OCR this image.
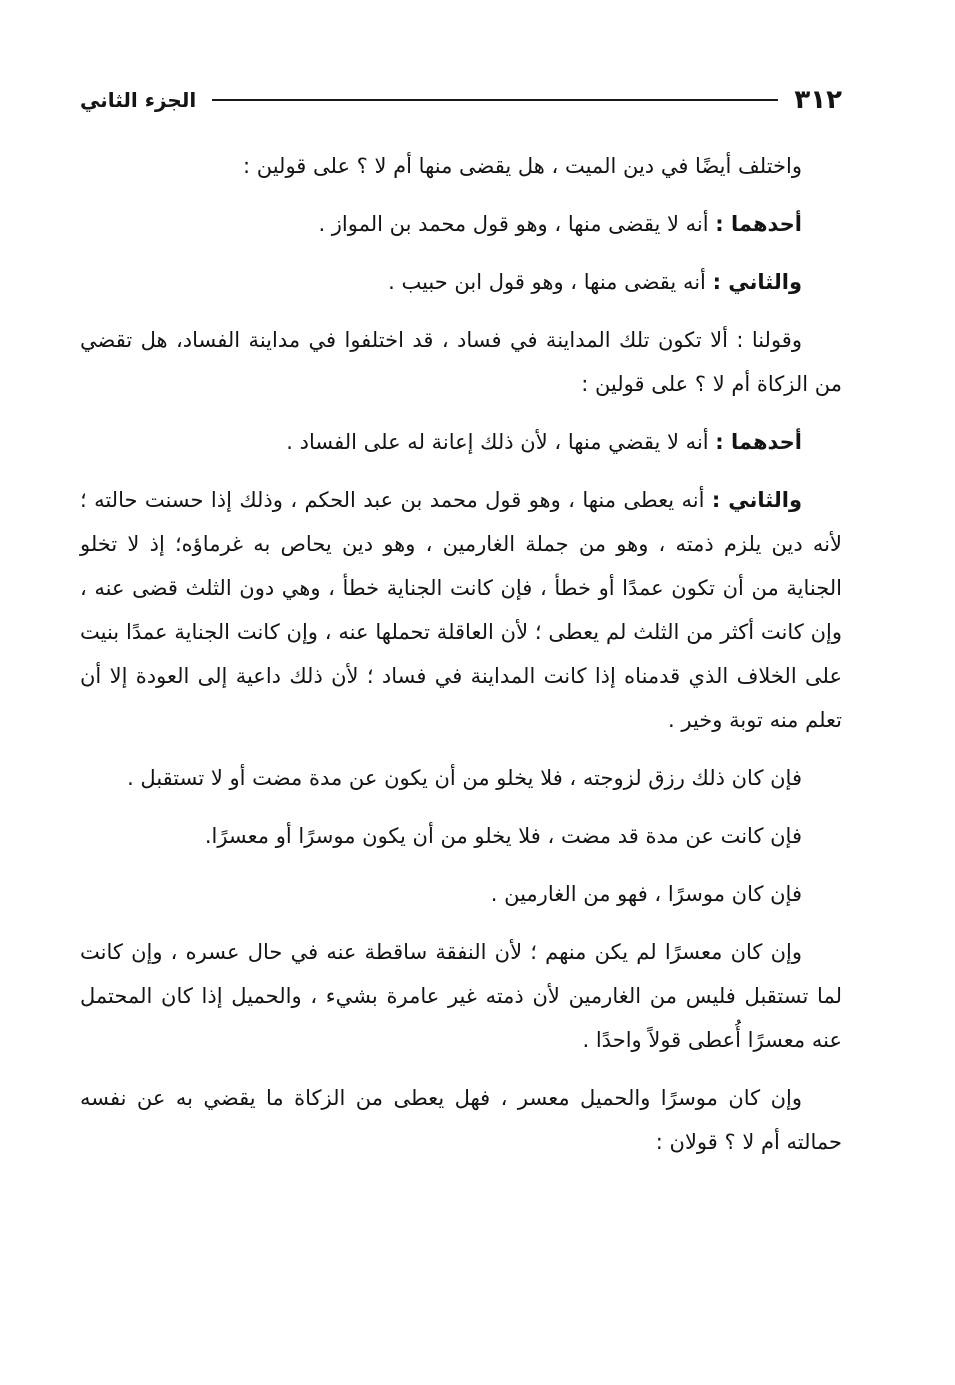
٣١٢
الجزء الثاني

واختلف أيضًا في دين الميت ، هل يقضى منها أم لا ؟ على قولين :

أحدهما : أنه لا يقضى منها ، وهو قول محمد بن المواز .

والثاني : أنه يقضى منها ، وهو قول ابن حبيب .

وقولنا : ألا تكون تلك المداينة في فساد ، قد اختلفوا في مداينة الفساد، هل تقضي من الزكاة أم لا ؟ على قولين :

أحدهما : أنه لا يقضي منها ، لأن ذلك إعانة له على الفساد .

والثاني : أنه يعطى منها ، وهو قول محمد بن عبد الحكم ، وذلك إذا حسنت حالته ؛ لأنه دين يلزم ذمته ، وهو من جملة الغارمين ، وهو دين يحاص به غرماؤه؛ إذ لا تخلو الجناية من أن تكون عمدًا أو خطأ ، فإن كانت الجناية خطأ ، وهي دون الثلث قضى عنه ، وإن كانت أكثر من الثلث لم يعطى ؛ لأن العاقلة تحملها عنه ، وإن كانت الجناية عمدًا بنيت على الخلاف الذي قدمناه إذا كانت المداينة في فساد ؛ لأن ذلك داعية إلى العودة إلا أن تعلم منه توبة وخير .

فإن كان ذلك رزق لزوجته ، فلا يخلو من أن يكون عن مدة مضت أو لا تستقبل .

فإن كانت عن مدة قد مضت ، فلا يخلو من أن يكون موسرًا أو معسرًا.

فإن كان موسرًا ، فهو من الغارمين .

وإن كان معسرًا لم يكن منهم ؛ لأن النفقة ساقطة عنه في حال عسره ، وإن كانت لما تستقبل فليس من الغارمين لأن ذمته غير عامرة بشيء ، والحميل إذا كان المحتمل عنه معسرًا أُعطى قولاً واحدًا .

وإن كان موسرًا والحميل معسر ، فهل يعطى من الزكاة ما يقضي به عن نفسه حمالته أم لا ؟ قولان :
